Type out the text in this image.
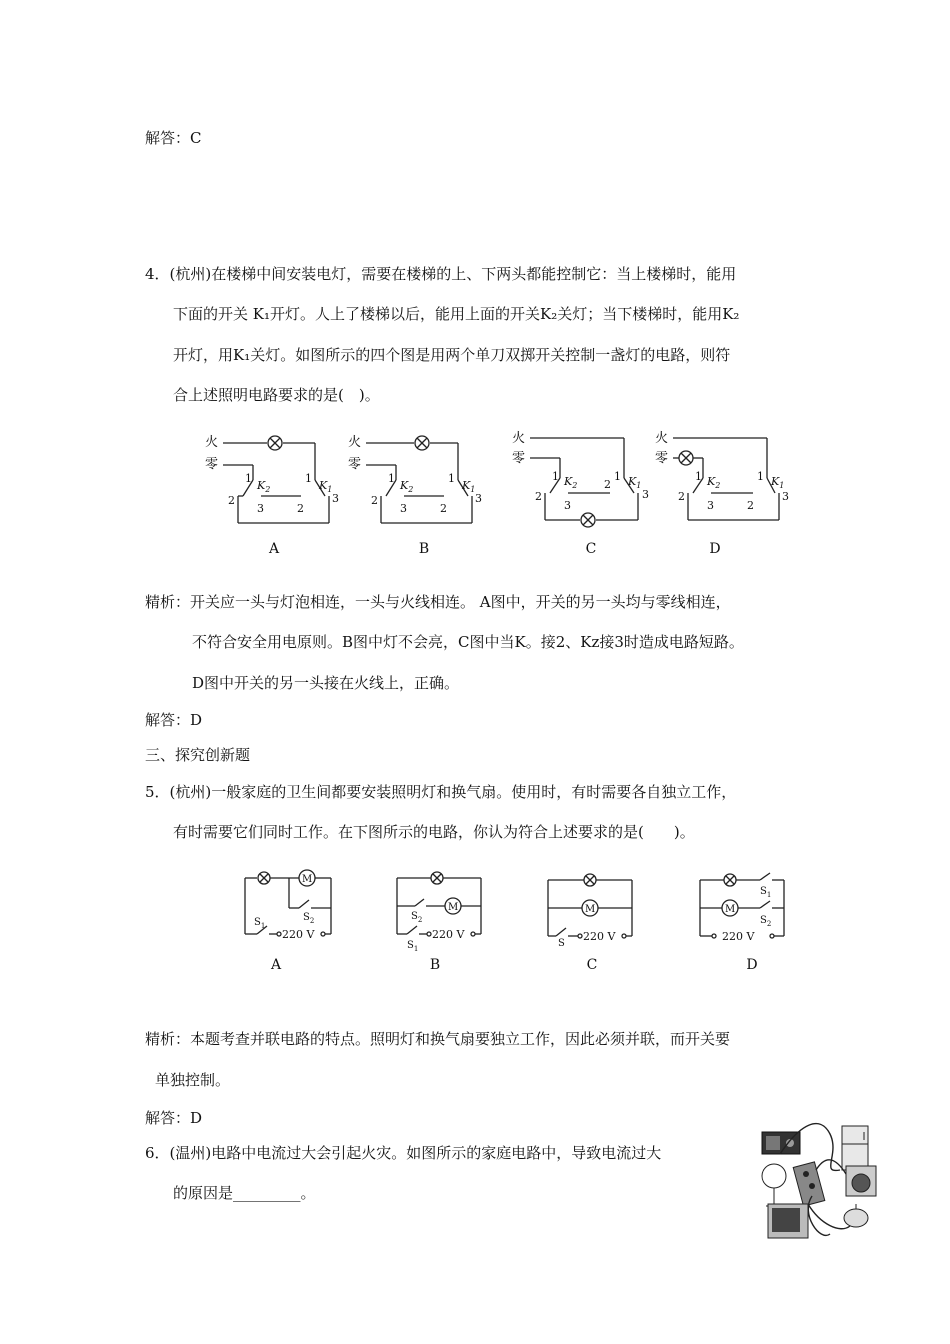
解答：C
4．(杭州)在楼梯中间安装电灯，需要在楼梯的上、下两头都能控制它：当上楼梯时，能用
下面的开关 K₁开灯。人上了楼梯以后，能用上面的开关K₂关灯；当下楼梯时，能用K₂
开灯，用K₁关灯。如图所示的四个图是用两个单刀双掷开关控制一盏灯的电路，则符
合上述照明电路要求的是(　)。
火
零
1
$K_2$
2
3
1
$K_1$
3
2
火
零
1
$K_2$
2
3
1
$K_1$
3
2
火
零
1 $K_2$
2
3
1 $K_1$
3
2
火
零
1 $K_2$
2
3
1 $K_1$
3
2
A	B	C	D
精析：开关应一头与灯泡相连，一头与火线相连。 A图中，开关的另一头均与零线相连，
不符合安全用电原则。B图中灯不会亮，C图中当K。接2、Kz接3时造成电路短路。
D图中开关的另一头接在火线上，正确。
解答：D
三、探究创新题
5．(杭州)一般家庭的卫生间都要安装照明灯和换气扇。使用时，有时需要各自独立工作，
有时需要它们同时工作。在下图所示的电路，你认为符合上述要求的是(　　)。
M
$S_2$
$S_1$
220 V
$S_2$
M
$S_1$
220 V
M
S
220 V
$S_1$
M
$S_2$
220 V
A	B	C	D
精析：本题考查并联电路的特点。照明灯和换气扇要独立工作，因此必须并联，而开关要
单独控制。
解答：D
6．(温州)电路中电流过大会引起火灾。如图所示的家庭电路中，导致电流过大
的原因是_________。
